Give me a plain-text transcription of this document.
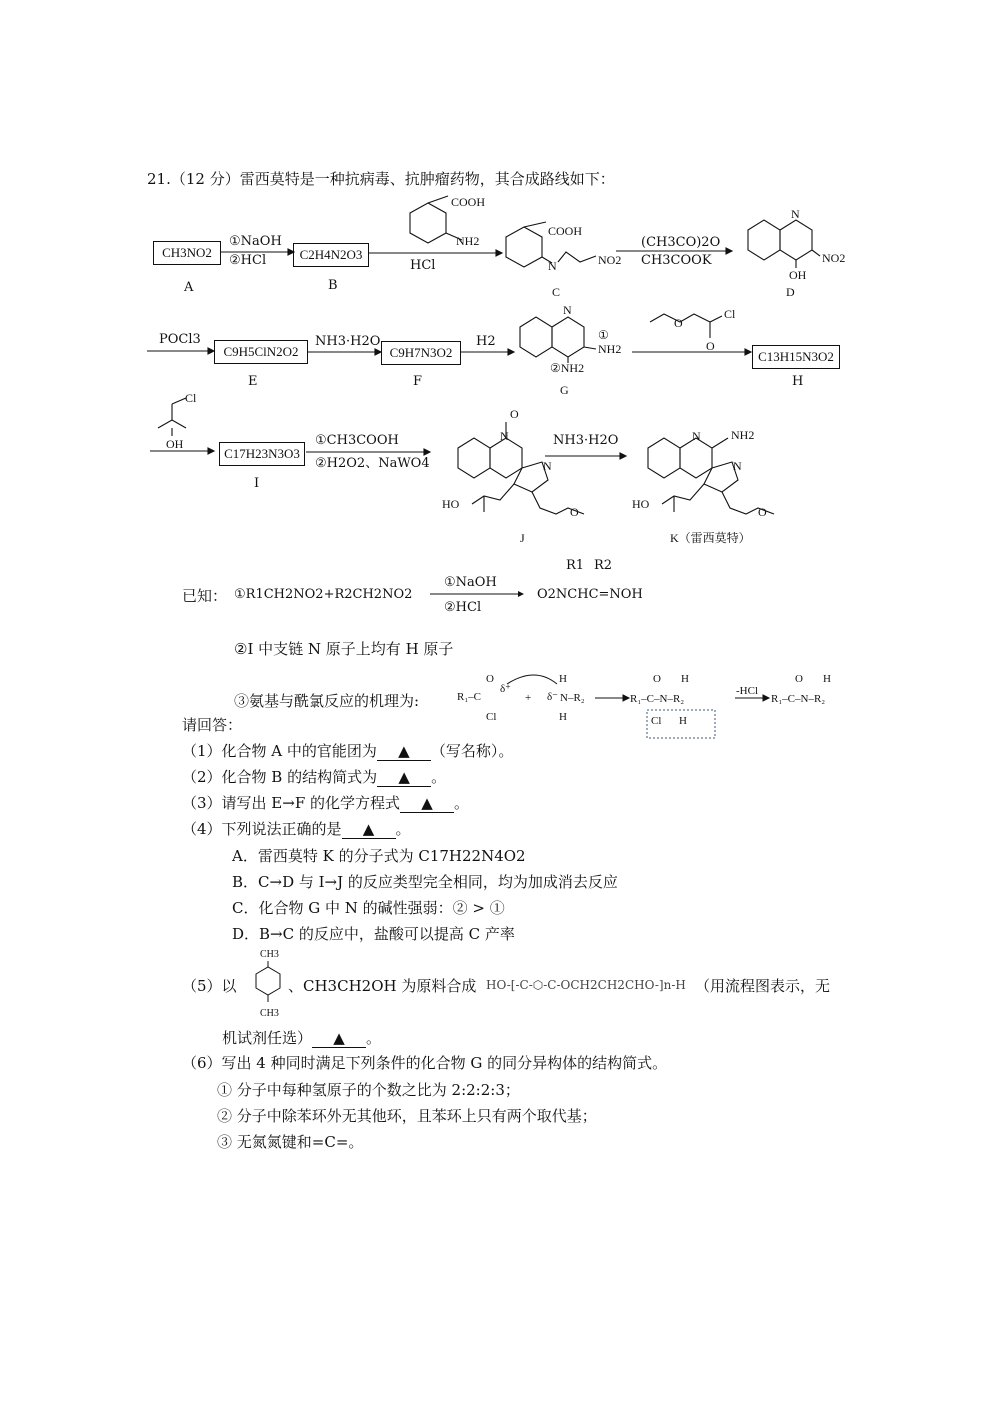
21.（12 分）雷西莫特是一种抗病毒、抗肿瘤药物，其合成路线如下：
CH3NO2
A
①NaOH
②HCl	C2H4N2O3
B
HCl
(CH3CO)2O
CH3COOK
POCl3
C9H5ClN2O2
E
NH3·H2O
C9H7N3O2
F
H2
C13H15N3O2
H
C17H23N3O3
I
①CH3COOH
②H2O2、NaWO4
NH3·H2O
COOH
NH2
COOH
N	NO2
C
N
NO2
OH
D
N
①
NH2
②NH2
G
O
Cl
O
Cl
OH
O
N
N
HO
O
J
N	NH2
N
HO
O
K（雷西莫特）
已知： ①R1CH2NO2+R2CH2NO2
①NaOH
②HCl
R1 R2
O2NCHC=NOH
②I 中支链 N 原子上均有 H 原子
③氨基与酰氯反应的机理为:	R₁–C
O
Cl
δ⁺
+ δ⁻ N–R₂
H
H
R₁–C–N–R₂
O H
Cl H
-HCl
R₁–C–N–R₂
O H
请回答：
（1）化合物 A 中的官能团为 ▲ （写名称）。
（2）化合物 B 的结构简式为 ▲ 。
（3）请写出 E→F 的化学方程式 ▲ 。
（4）下列说法正确的是 ▲ 。
A．雷西莫特 K 的分子式为 C17H22N4O2
B．C→D 与 I→J 的反应类型完全相同，均为加成消去反应
C．化合物 G 中 N 的碱性强弱：② > ①
D．B→C 的反应中，盐酸可以提高 C 产率
（5）以
CH3
CH3
、CH3CH2OH 为原料合成 HO-[-C-⬡-C-OCH2CH2CHO-]n-H （用流程图表示，无
机试剂任选） ▲ 。
（6）写出 4 种同时满足下列条件的化合物 G 的同分异构体的结构简式。
① 分子中每种氢原子的个数之比为 2:2:2:3；
② 分子中除苯环外无其他环，且苯环上只有两个取代基；
③ 无氮氮键和=C=。
